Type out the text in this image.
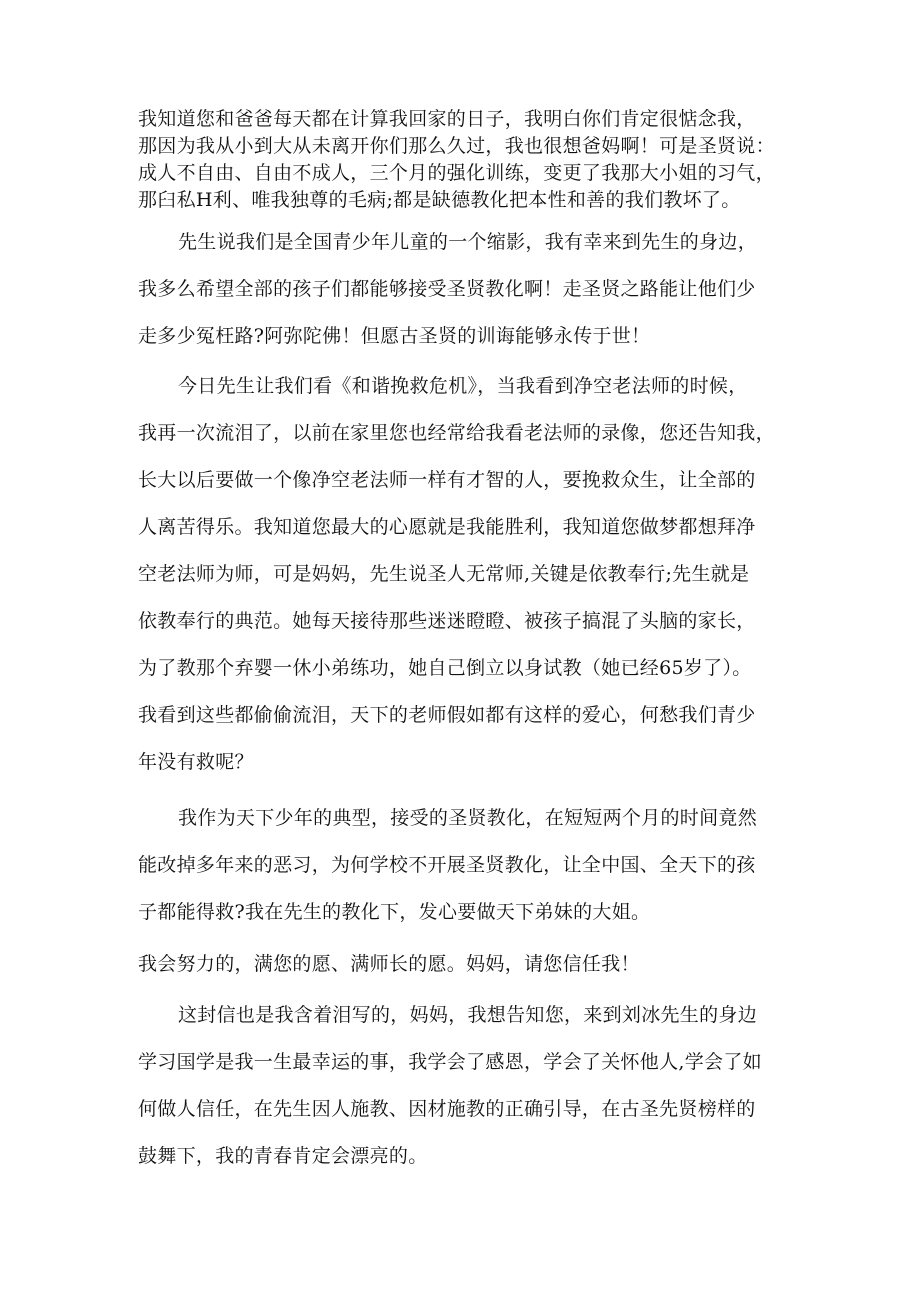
我知道您和爸爸每天都在计算我回家的日子，我明白你们肯定很惦念我，
那因为我从小到大从未离开你们那么久过，我也很想爸妈啊！可是圣贤说：
成人不自由、自由不成人，三个月的强化训练，变更了我那大小姐的习气，
那臼私H利、唯我独尊的毛病;都是缺德教化把本性和善的我们教坏了。
先生说我们是全国青少年儿童的一个缩影，我有幸来到先生的身边，
我多么希望全部的孩子们都能够接受圣贤教化啊！走圣贤之路能让他们少
走多少冤枉路?阿弥陀佛！但愿古圣贤的训诲能够永传于世！
今日先生让我们看《和谐挽救危机》，当我看到净空老法师的时候，
我再一次流泪了，以前在家里您也经常给我看老法师的录像，您还告知我，
长大以后要做一个像净空老法师一样有才智的人，要挽救众生，让全部的
人离苦得乐。我知道您最大的心愿就是我能胜利，我知道您做梦都想拜净
空老法师为师，可是妈妈，先生说圣人无常师,关键是依教奉行;先生就是
依教奉行的典范。她每天接待那些迷迷瞪瞪、被孩子搞混了头脑的家长，
为了教那个弃婴一休小弟练功，她自己倒立以身试教（她已经65岁了）。
我看到这些都偷偷流泪，天下的老师假如都有这样的爱心，何愁我们青少
年没有救呢？
我作为天下少年的典型，接受的圣贤教化，在短短两个月的时间竟然
能改掉多年来的恶习，为何学校不开展圣贤教化，让全中国、全天下的孩
子都能得救?我在先生的教化下，发心要做天下弟妹的大姐。
我会努力的，满您的愿、满师长的愿。妈妈，请您信任我！
这封信也是我含着泪写的，妈妈，我想告知您，来到刘冰先生的身边
学习国学是我一生最幸运的事，我学会了感恩，学会了关怀他人,学会了如
何做人信任，在先生因人施教、因材施教的正确引导，在古圣先贤榜样的
鼓舞下，我的青春肯定会漂亮的。
